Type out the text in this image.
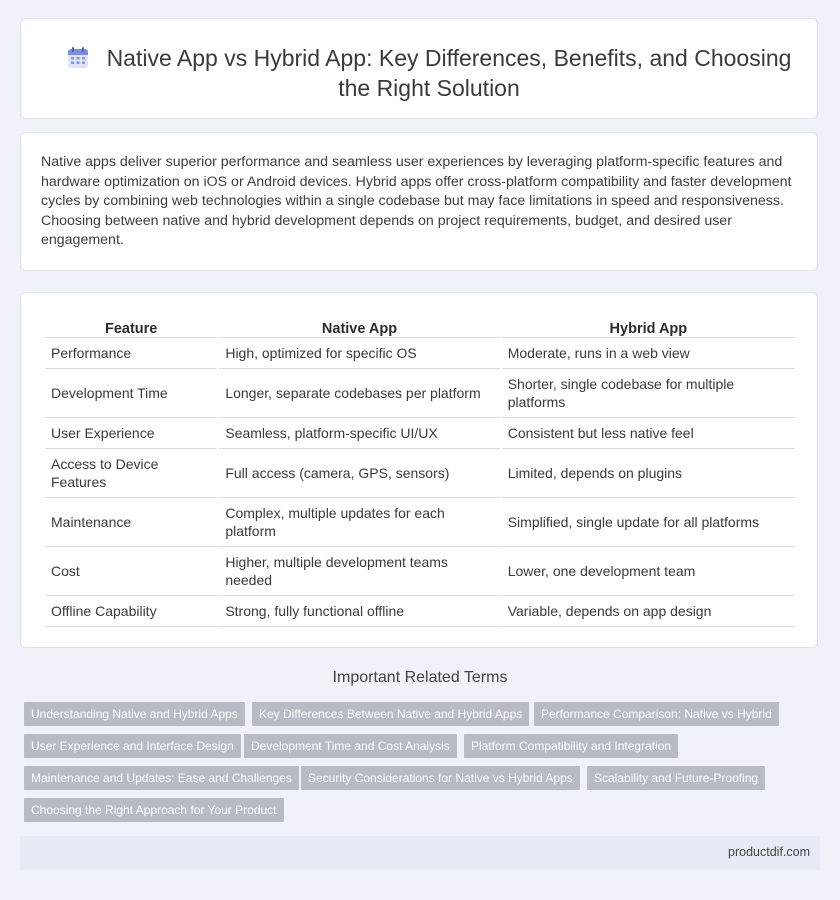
Native App vs Hybrid App: Key Differences, Benefits, and Choosing the Right Solution
Native apps deliver superior performance and seamless user experiences by leveraging platform-specific features and hardware optimization on iOS or Android devices. Hybrid apps offer cross-platform compatibility and faster development cycles by combining web technologies within a single codebase but may face limitations in speed and responsiveness. Choosing between native and hybrid development depends on project requirements, budget, and desired user engagement.
Feature	Native App	Hybrid App
Performance	High, optimized for specific OS	Moderate, runs in a web view
Development Time	Longer, separate codebases per platform	Shorter, single codebase for multiple platforms
User Experience	Seamless, platform-specific UI/UX	Consistent but less native feel
Access to Device Features	Full access (camera, GPS, sensors)	Limited, depends on plugins
Maintenance	Complex, multiple updates for each platform	Simplified, single update for all platforms
Cost	Higher, multiple development teams needed	Lower, one development team
Offline Capability	Strong, fully functional offline	Variable, depends on app design
Important Related Terms
Understanding Native and Hybrid Apps	Key Differences Between Native and Hybrid Apps	Performance Comparison: Native vs Hybrid
User Experience and Interface Design	Development Time and Cost Analysis	Platform Compatibility and Integration
Maintenance and Updates: Ease and Challenges	Security Considerations for Native vs Hybrid Apps	Scalability and Future-Proofing
Choosing the Right Approach for Your Product
productdif.com
